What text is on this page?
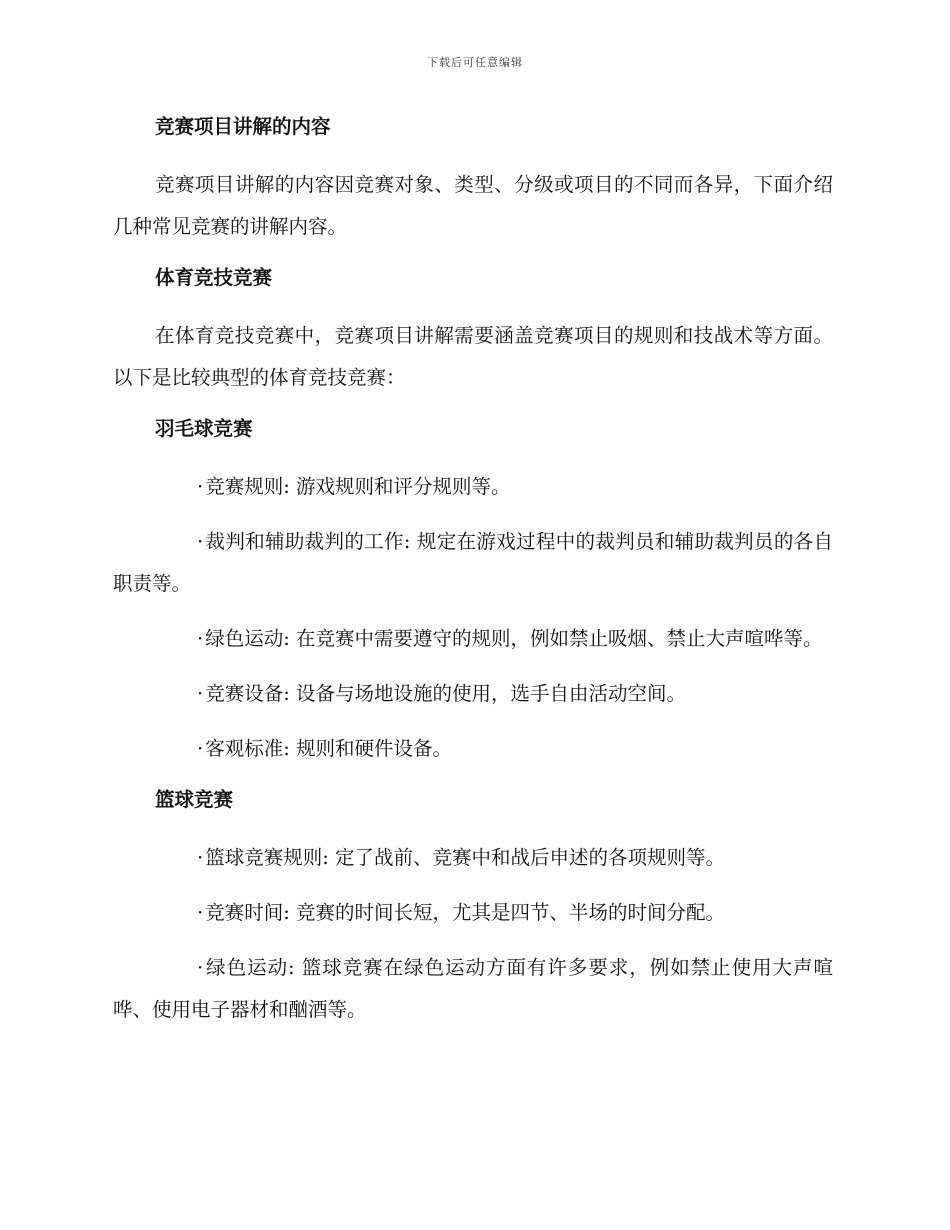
下载后可任意编辑
竞赛项目讲解的内容

竞赛项目讲解的内容因竞赛对象、类型、分级或项目的不同而各异，下面介绍几种常见竞赛的讲解内容。

体育竞技竞赛

在体育竞技竞赛中，竞赛项目讲解需要涵盖竞赛项目的规则和技战术等方面。以下是比较典型的体育竞技竞赛：

羽毛球竞赛

· 竞赛规则: 游戏规则和评分规则等。

· 裁判和辅助裁判的工作: 规定在游戏过程中的裁判员和辅助裁判员的各自职责等。

· 绿色运动: 在竞赛中需要遵守的规则，例如禁止吸烟、禁止大声喧哗等。

· 竞赛设备: 设备与场地设施的使用，选手自由活动空间。

· 客观标准: 规则和硬件设备。

篮球竞赛

· 篮球竞赛规则: 定了战前、竞赛中和战后申述的各项规则等。

· 竞赛时间: 竞赛的时间长短，尤其是四节、半场的时间分配。

· 绿色运动: 篮球竞赛在绿色运动方面有许多要求，例如禁止使用大声喧哗、使用电子器材和酗酒等。
